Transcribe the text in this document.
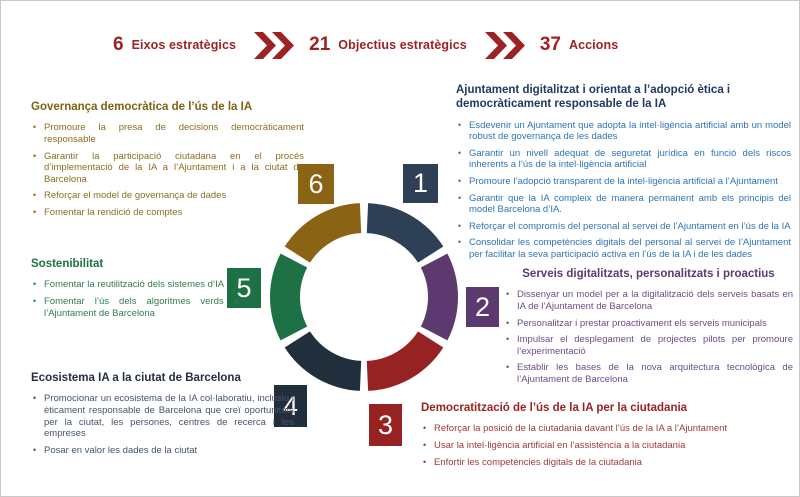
6 Eixos estratègics	21 Objectius estratègics	37 Accions
1
2
3
4
5
6
Governança democràtica de l’ús de la IA
• Promoure la presa de decisions democràticament responsable
• Garantir la participació ciutadana en el procés d’implementació de la IA a l’Ajuntament i a la ciutat de Barcelona
• Reforçar el model de governança de dades
• Fomentar la rendició de comptes
Sostenibilitat
• Fomentar la reutilització dels sistemes d’IA
• Fomentar l’ús dels algoritmes verds a l’Ajuntament de Barcelona
Ecosistema IA a la ciutat de Barcelona
• Promocionar un ecosistema de la IA col·laboratiu, inclusiu i èticament responsable de Barcelona que creï oportunitats per la ciutat, les persones, centres de recerca i les empreses
• Posar en valor les dades de la ciutat
Ajuntament digitalitzat i orientat a l’adopció ètica i democràticament responsable de la IA
• Esdevenir un Ajuntament que adopta la intel·ligència artificial amb un model robust de governança de les dades
• Garantir un nivell adequat de seguretat jurídica en funció dels riscos inherents a l’ús de la intel·ligència artificial
• Promoure l’adopció transparent de la intel·ligència artificial a l’Ajuntament
• Garantir que la IA compleix de manera permanent amb els principis del model Barcelona d’IA.
• Reforçar el compromís del personal al servei de l’Ajuntament en l’ús de la IA
• Consolidar les competències digitals del personal al servei de l’Ajuntament per facilitar la seva participació activa en l’ús de la IA i de les dades
Serveis digitalitzats, personalitzats i proactius
• Dissenyar un model per a la digitalització dels serveis basats en IA de l’Ajuntament de Barcelona
• Personalitzar i prestar proactivament els serveis municipals
• Impulsar el desplegament de projectes pilots per promoure l’experimentació
• Establir les bases de la nova arquitectura tecnològica de l’Ajuntament de Barcelona
Democratització de l’ús de la IA per la ciutadania
• Reforçar la posició de la ciutadania davant l’ús de la IA a l’Ajuntament
• Usar la intel·ligència artificial en l’assistència a la ciutadania
• Enfortir les competències digitals de la ciutadania
